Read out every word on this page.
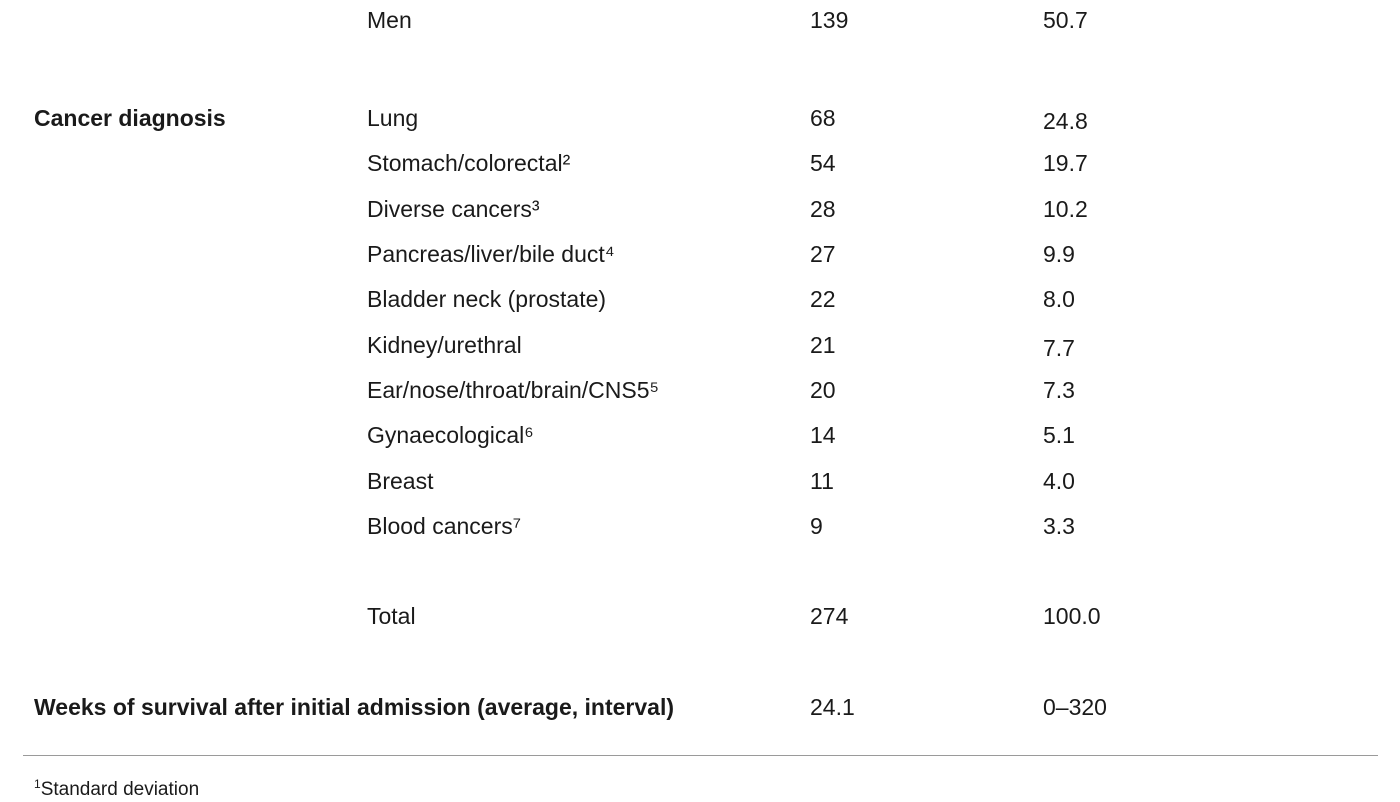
Men	139	50.7
Cancer diagnosis	Lung	68	24.8
Stomach/colorectal²	54	19.7
Diverse cancers³	28	10.2
Pancreas/liver/bile duct⁴	27	9.9
Bladder neck (prostate)	22	8.0
Kidney/urethral	21	7.7
Ear/nose/throat/brain/CNS5⁵	20	7.3
Gynaecological⁶	14	5.1
Breast	11	4.0
Blood cancers⁷	9	3.3
Total	274	100.0
Weeks of survival after initial admission (average, interval)	24.1	0–320
$^1$Standard deviation
